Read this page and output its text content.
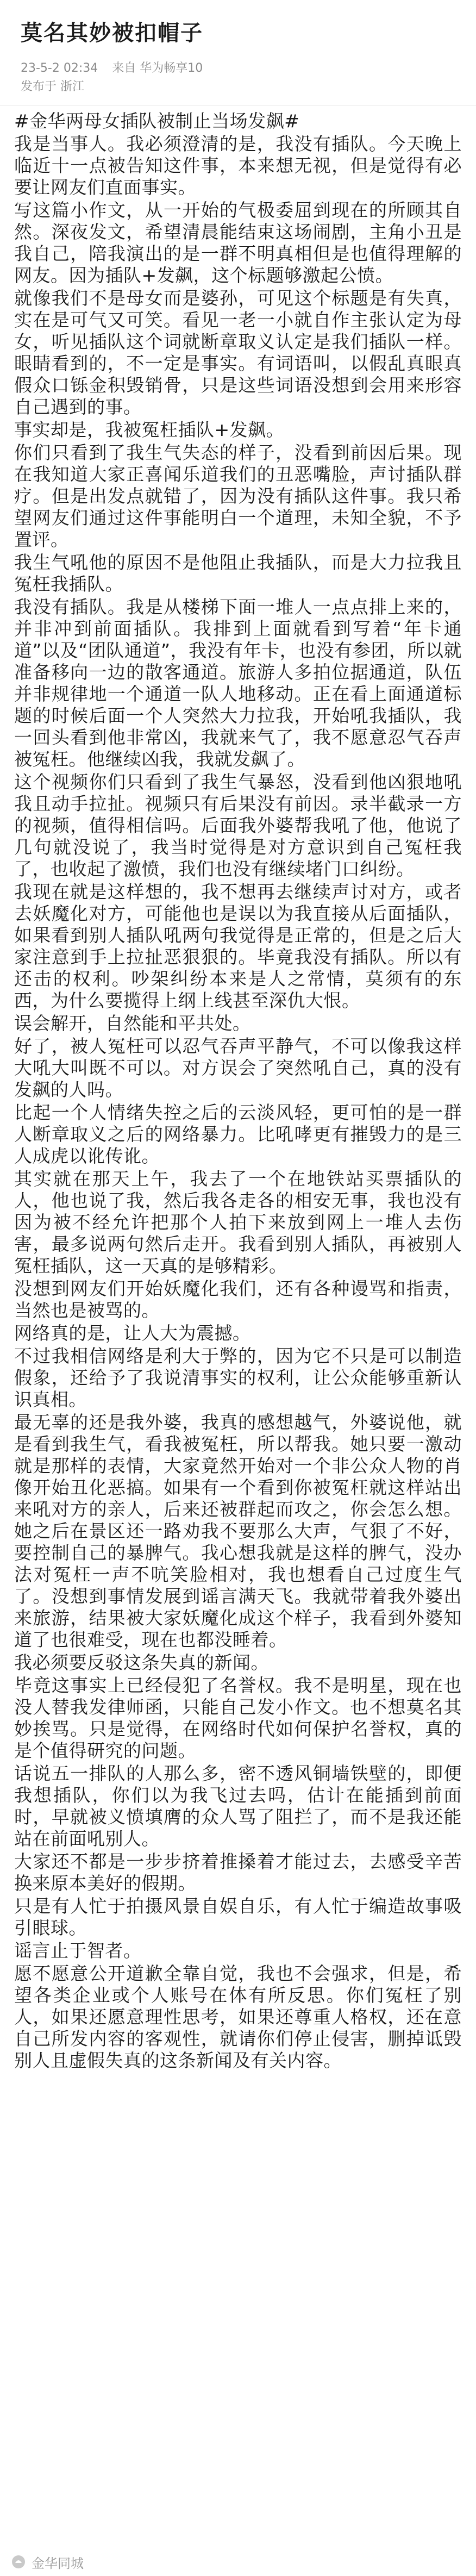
莫名其妙被扣帽子
23-5-2 02:34 来自 华为畅享10
发布于 浙江

#金华两母女插队被制止当场发飙#

我是当事人。我必须澄清的是，我没有插队。今天晚上临近十一点被告知这件事，本来想无视，但是觉得有必要让网友们直面事实。

写这篇小作文，从一开始的气极委屈到现在的所顾其自然。深夜发文，希望清晨能结束这场闹剧，主角小丑是我自己，陪我演出的是一群不明真相但是也值得理解的网友。因为插队+发飙，这个标题够激起公愤。

就像我们不是母女而是婆孙，可见这个标题是有失真，实在是可气又可笑。看见一老一小就自作主张认定为母女，听见插队这个词就断章取义认定是我们插队一样。眼睛看到的，不一定是事实。有词语叫，以假乱真眼真假众口铄金积毁销骨，只是这些词语没想到会用来形容自己遇到的事。

事实却是，我被冤枉插队+发飙。

你们只看到了我生气失态的样子，没看到前因后果。现在我知道大家正喜闻乐道我们的丑恶嘴脸，声讨插队群疗。但是出发点就错了，因为没有插队这件事。我只希望网友们通过这件事能明白一个道理，未知全貌，不予置评。

我生气吼他的原因不是他阻止我插队，而是大力拉我且冤枉我插队。

我没有插队。我是从楼梯下面一堆人一点点排上来的，并非冲到前面插队。我排到上面就看到写着“年卡通道”以及“团队通道”，我没有年卡，也没有参团，所以就准备移向一边的散客通道。旅游人多拍位据通道，队伍并非规律地一个通道一队人地移动。正在看上面通道标题的时候后面一个人突然大力拉我，开始吼我插队，我一回头看到他非常凶，我就来气了，我不愿意忍气吞声被冤枉。他继续凶我，我就发飙了。

这个视频你们只看到了我生气暴怒，没看到他凶狠地吼我且动手拉扯。视频只有后果没有前因。录半截录一方的视频，值得相信吗。后面我外婆帮我吼了他，他说了几句就没说了，我当时觉得是对方意识到自己冤枉我了，也收起了激愤，我们也没有继续堵门口纠纷。

我现在就是这样想的，我不想再去继续声讨对方，或者去妖魔化对方，可能他也是误以为我直接从后面插队，如果看到别人插队吼两句我觉得是正常的，但是之后大家注意到手上拉扯恶狠狠的。毕竟我没有插队。所以有还击的权利。吵架纠纷本来是人之常情，莫须有的东西，为什么要揽得上纲上线甚至深仇大恨。

误会解开，自然能和平共处。

好了，被人冤枉可以忍气吞声平静气，不可以像我这样大吼大叫既不可以。对方误会了突然吼自己，真的没有发飙的人吗。

比起一个人情绪失控之后的云淡风轻，更可怕的是一群人断章取义之后的网络暴力。比吼哮更有摧毁力的是三人成虎以讹传讹。

其实就在那天上午，我去了一个在地铁站买票插队的人，他也说了我，然后我各走各的相安无事，我也没有因为被不经允许把那个人拍下来放到网上一堆人去伤害，最多说两句然后走开。我看到别人插队，再被别人冤枉插队，这一天真的是够精彩。

没想到网友们开始妖魔化我们，还有各种谩骂和指责，当然也是被骂的。

网络真的是，让人大为震撼。

不过我相信网络是利大于弊的，因为它不只是可以制造假象，还给予了我说清事实的权利，让公众能够重新认识真相。

最无辜的还是我外婆，我真的感想越气，外婆说他，就是看到我生气，看我被冤枉，所以帮我。她只要一激动就是那样的表情，大家竟然开始对一个非公众人物的肖像开始丑化恶搞。如果有一个看到你被冤枉就这样站出来吼对方的亲人，后来还被群起而攻之，你会怎么想。她之后在景区还一路劝我不要那么大声，气狠了不好，要控制自己的暴脾气。我心想我就是这样的脾气，没办法对冤枉一声不吭笑脸相对，我也想看自己过度生气了。没想到事情发展到谣言满天飞。我就带着我外婆出来旅游，结果被大家妖魔化成这个样子，我看到外婆知道了也很难受，现在也都没睡着。

我必须要反驳这条失真的新闻。

毕竟这事实上已经侵犯了名誉权。我不是明星，现在也没人替我发律师函，只能自己发小作文。也不想莫名其妙挨骂。只是觉得，在网络时代如何保护名誉权，真的是个值得研究的问题。

话说五一排队的人那么多，密不透风铜墙铁壁的，即便我想插队，你们以为我飞过去吗，估计在能插到前面时，早就被义愤填膺的众人骂了阻拦了，而不是我还能站在前面吼别人。

大家还不都是一步步挤着推搡着才能过去，去感受辛苦换来原本美好的假期。

只是有人忙于拍摄风景自娱自乐，有人忙于编造故事吸引眼球。

谣言止于智者。

愿不愿意公开道歉全靠自觉，我也不会强求，但是，希望各类企业或个人账号在体有所反思。你们冤枉了别人，如果还愿意理性思考，如果还尊重人格权，还在意自己所发内容的客观性，就请你们停止侵害，删掉诋毁别人且虚假失真的这条新闻及有关内容。

金华同城
